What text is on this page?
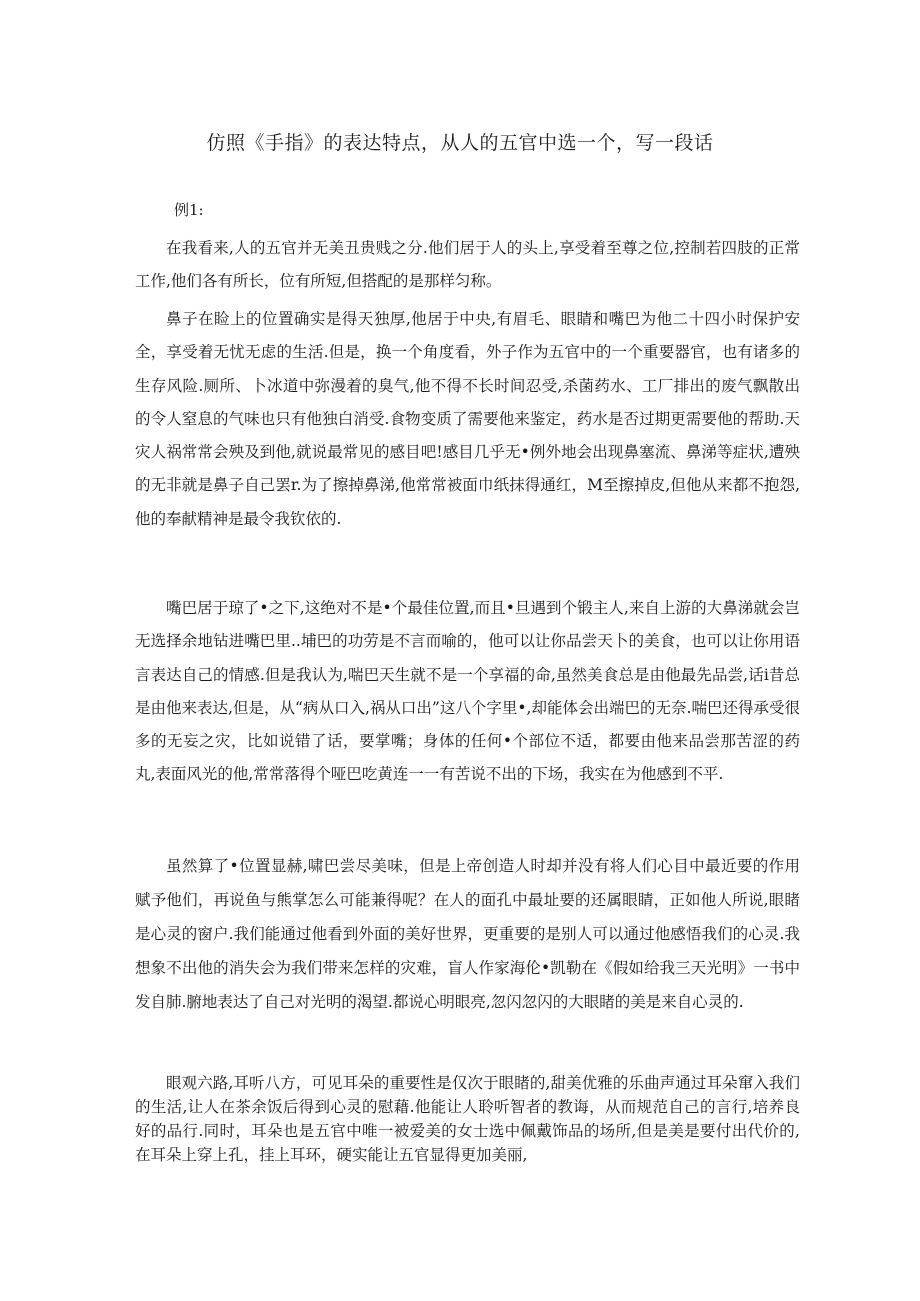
仿照《手指》的表达特点，从人的五官中选一个，写一段话

例1:

在我看来,人的五官并无美丑贵贱之分.他们居于人的头上,享受着至尊之位,控制若四肢的正常工作,他们各有所长，位有所短,但搭配的是那样匀称。

鼻子在睑上的位置确实是得天独厚,他居于中央,有眉毛、眼睛和嘴巴为他二十四小时保护安全，享受着无忧无虑的生活.但是，换一个角度看，外子作为五官中的一个重要器官，也有诸多的生存风险.厕所、卜冰道中弥漫着的臭气,他不得不长时间忍受,杀菌药水、工厂排出的废气飘散出的令人窒息的气味也只有他独白消受.食物变质了需要他来鉴定，药水是否过期更需要他的帮助.天灾人祸常常会殃及到他,就说最常见的感目吧!感目几乎无•例外地会出现鼻塞流、鼻涕等症状,遭殃的无非就是鼻子自己罢r.为了擦掉鼻涕,他常常被面巾纸抹得通红，M至擦掉皮,但他从来都不抱怨,他的奉献精神是最令我钦依的.

嘴巴居于琼了•之下,这绝对不是•个最佳位置,而且•旦遇到个锻主人,来自上游的大鼻涕就会岂无选择余地钻进嘴巴里..埔巴的功劳是不言而喻的，他可以让你品尝天卜的美食，也可以让你用语言表达自己的情感.但是我认为,喘巴天生就不是一个享福的命,虽然美食总是由他最先品尝,话i昔总是由他来表达,但是，从“病从口入,祸从口出”这八个字里•,却能体会出端巴的无奈.喘巴还得承受很多的无妄之灾，比如说错了话，要掌嘴；身体的任何•个部位不适，都要由他来品尝那苦涩的药丸,表面风光的他,常常落得个哑巴吃黄连一一有苦说不出的下场，我实在为他感到不平.

虽然算了•位置显赫,啸巴尝尽美味，但是上帝创造人时却并没有将人们心目中最近要的作用赋予他们，再说鱼与熊掌怎么可能兼得呢？在人的面孔中最址要的还属眼睛，正如他人所说,眼睹是心灵的窗户.我们能通过他看到外面的美好世界，更重要的是别人可以通过他感悟我们的心灵.我想象不出他的消失会为我们带来怎样的灾难，盲人作家海伦•凯勒在《假如给我三天光明》一书中发自肺.腑地表达了自己对光明的渴望.都说心明眼亮,忽闪忽闪的大眼睹的美是来自心灵的.

眼观六路,耳听八方，可见耳朵的重要性是仅次于眼睹的,甜美优雅的乐曲声通过耳朵窜入我们的生活,让人在茶余饭后得到心灵的慰藉.他能让人聆听智者的教诲，从而规范自己的言行,培养良好的品行.同时，耳朵也是五官中唯一被爱美的女士选中佩戴饰品的场所,但是美是要付出代价的,在耳朵上穿上孔，挂上耳环，硬实能让五官显得更加美丽,
